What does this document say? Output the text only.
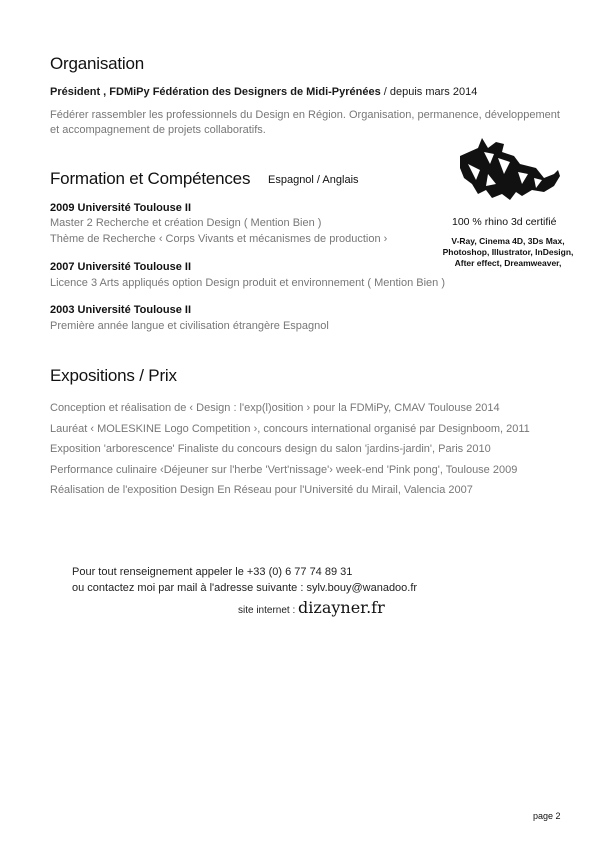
Organisation
Président , FDMiPy Fédération des Designers de Midi-Pyrénées / depuis mars 2014
Fédérer rassembler les professionnels du Design en Région. Organisation, permanence, développement
et accompagnement de projets collaboratifs.
Formation et Compétences Espagnol / Anglais
2009 Université Toulouse II
Master 2 Recherche et création Design ( Mention Bien )
Thème de Recherche ‹ Corps Vivants et mécanismes de production ›
2007 Université Toulouse II
Licence 3 Arts appliqués option Design produit et environnement ( Mention Bien )
2003 Université Toulouse II
Première année langue et civilisation étrangère Espagnol
100 % rhino 3d certifié
V-Ray, Cinema 4D, 3Ds Max,
Photoshop, Illustrator, InDesign,
After effect, Dreamweaver,
Expositions / Prix
Conception et réalisation de ‹ Design : l'exp(l)osition › pour la FDMiPy, CMAV Toulouse 2014
Lauréat ‹ MOLESKINE Logo Competition ›, concours international organisé par Designboom, 2011
Exposition 'arborescence' Finaliste du concours design du salon 'jardins-jardin', Paris 2010
Performance culinaire ‹Déjeuner sur l'herbe 'Vert'nissage'› week-end 'Pink pong', Toulouse 2009
Réalisation de l'exposition Design En Réseau pour l'Université du Mirail, Valencia 2007
Pour tout renseignement appeler le +33 (0) 6 77 74 89 31
ou contactez moi par mail à l'adresse suivante : sylv.bouy@wanadoo.fr
site internet : dizayner.fr
page 2
